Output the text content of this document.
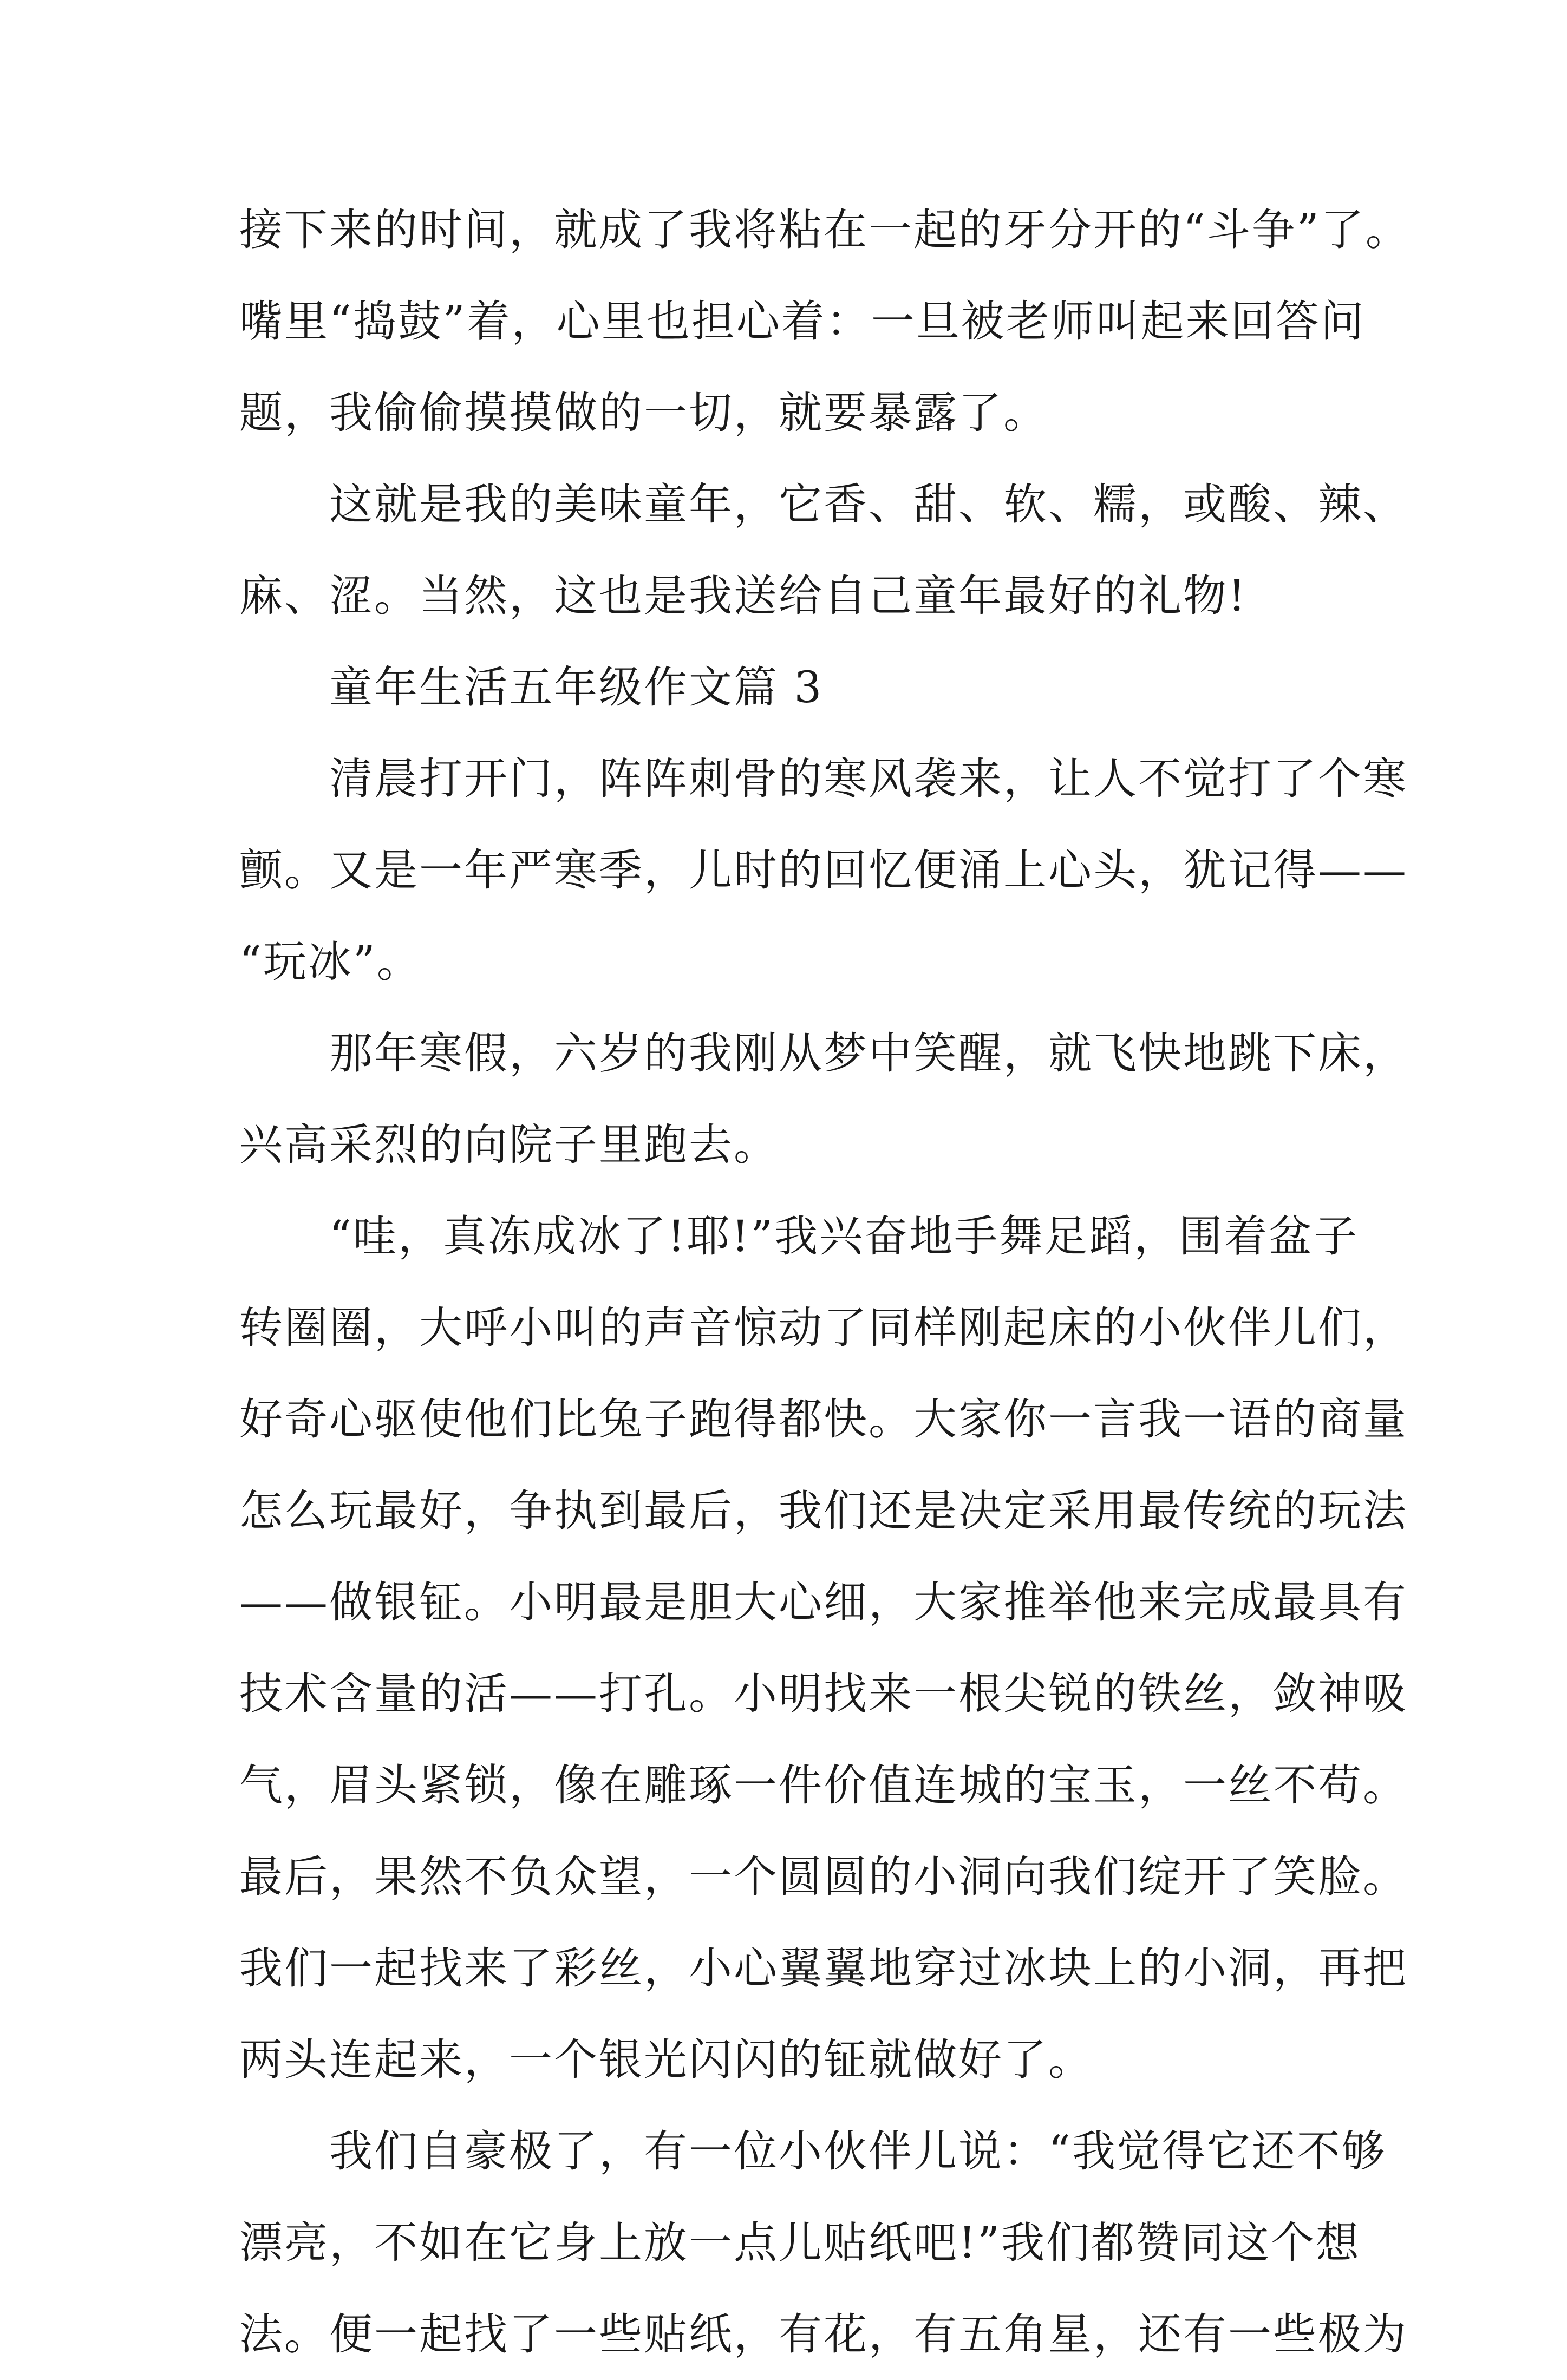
接下来的时间，就成了我将粘在一起的牙分开的“斗争”了。
嘴里“捣鼓”着，心里也担心着：一旦被老师叫起来回答问
题，我偷偷摸摸做的一切，就要暴露了。
这就是我的美味童年，它香、甜、软、糯，或酸、辣、
麻、涩。当然，这也是我送给自己童年最好的礼物!
童年生活五年级作文篇 3
清晨打开门，阵阵刺骨的寒风袭来，让人不觉打了个寒
颤。又是一年严寒季，儿时的回忆便涌上心头，犹记得——
“玩冰”。
那年寒假，六岁的我刚从梦中笑醒，就飞快地跳下床，
兴高采烈的向院子里跑去。
“哇，真冻成冰了!耶!”我兴奋地手舞足蹈，围着盆子
转圈圈，大呼小叫的声音惊动了同样刚起床的小伙伴儿们，
好奇心驱使他们比兔子跑得都快。大家你一言我一语的商量
怎么玩最好，争执到最后，我们还是决定采用最传统的玩法
——做银钲。小明最是胆大心细，大家推举他来完成最具有
技术含量的活——打孔。小明找来一根尖锐的铁丝，敛神吸
气，眉头紧锁，像在雕琢一件价值连城的宝玉，一丝不苟。
最后，果然不负众望，一个圆圆的小洞向我们绽开了笑脸。
我们一起找来了彩丝，小心翼翼地穿过冰块上的小洞，再把
两头连起来，一个银光闪闪的钲就做好了。
我们自豪极了，有一位小伙伴儿说：“我觉得它还不够
漂亮，不如在它身上放一点儿贴纸吧!”我们都赞同这个想
法。便一起找了一些贴纸，有花，有五角星，还有一些极为
